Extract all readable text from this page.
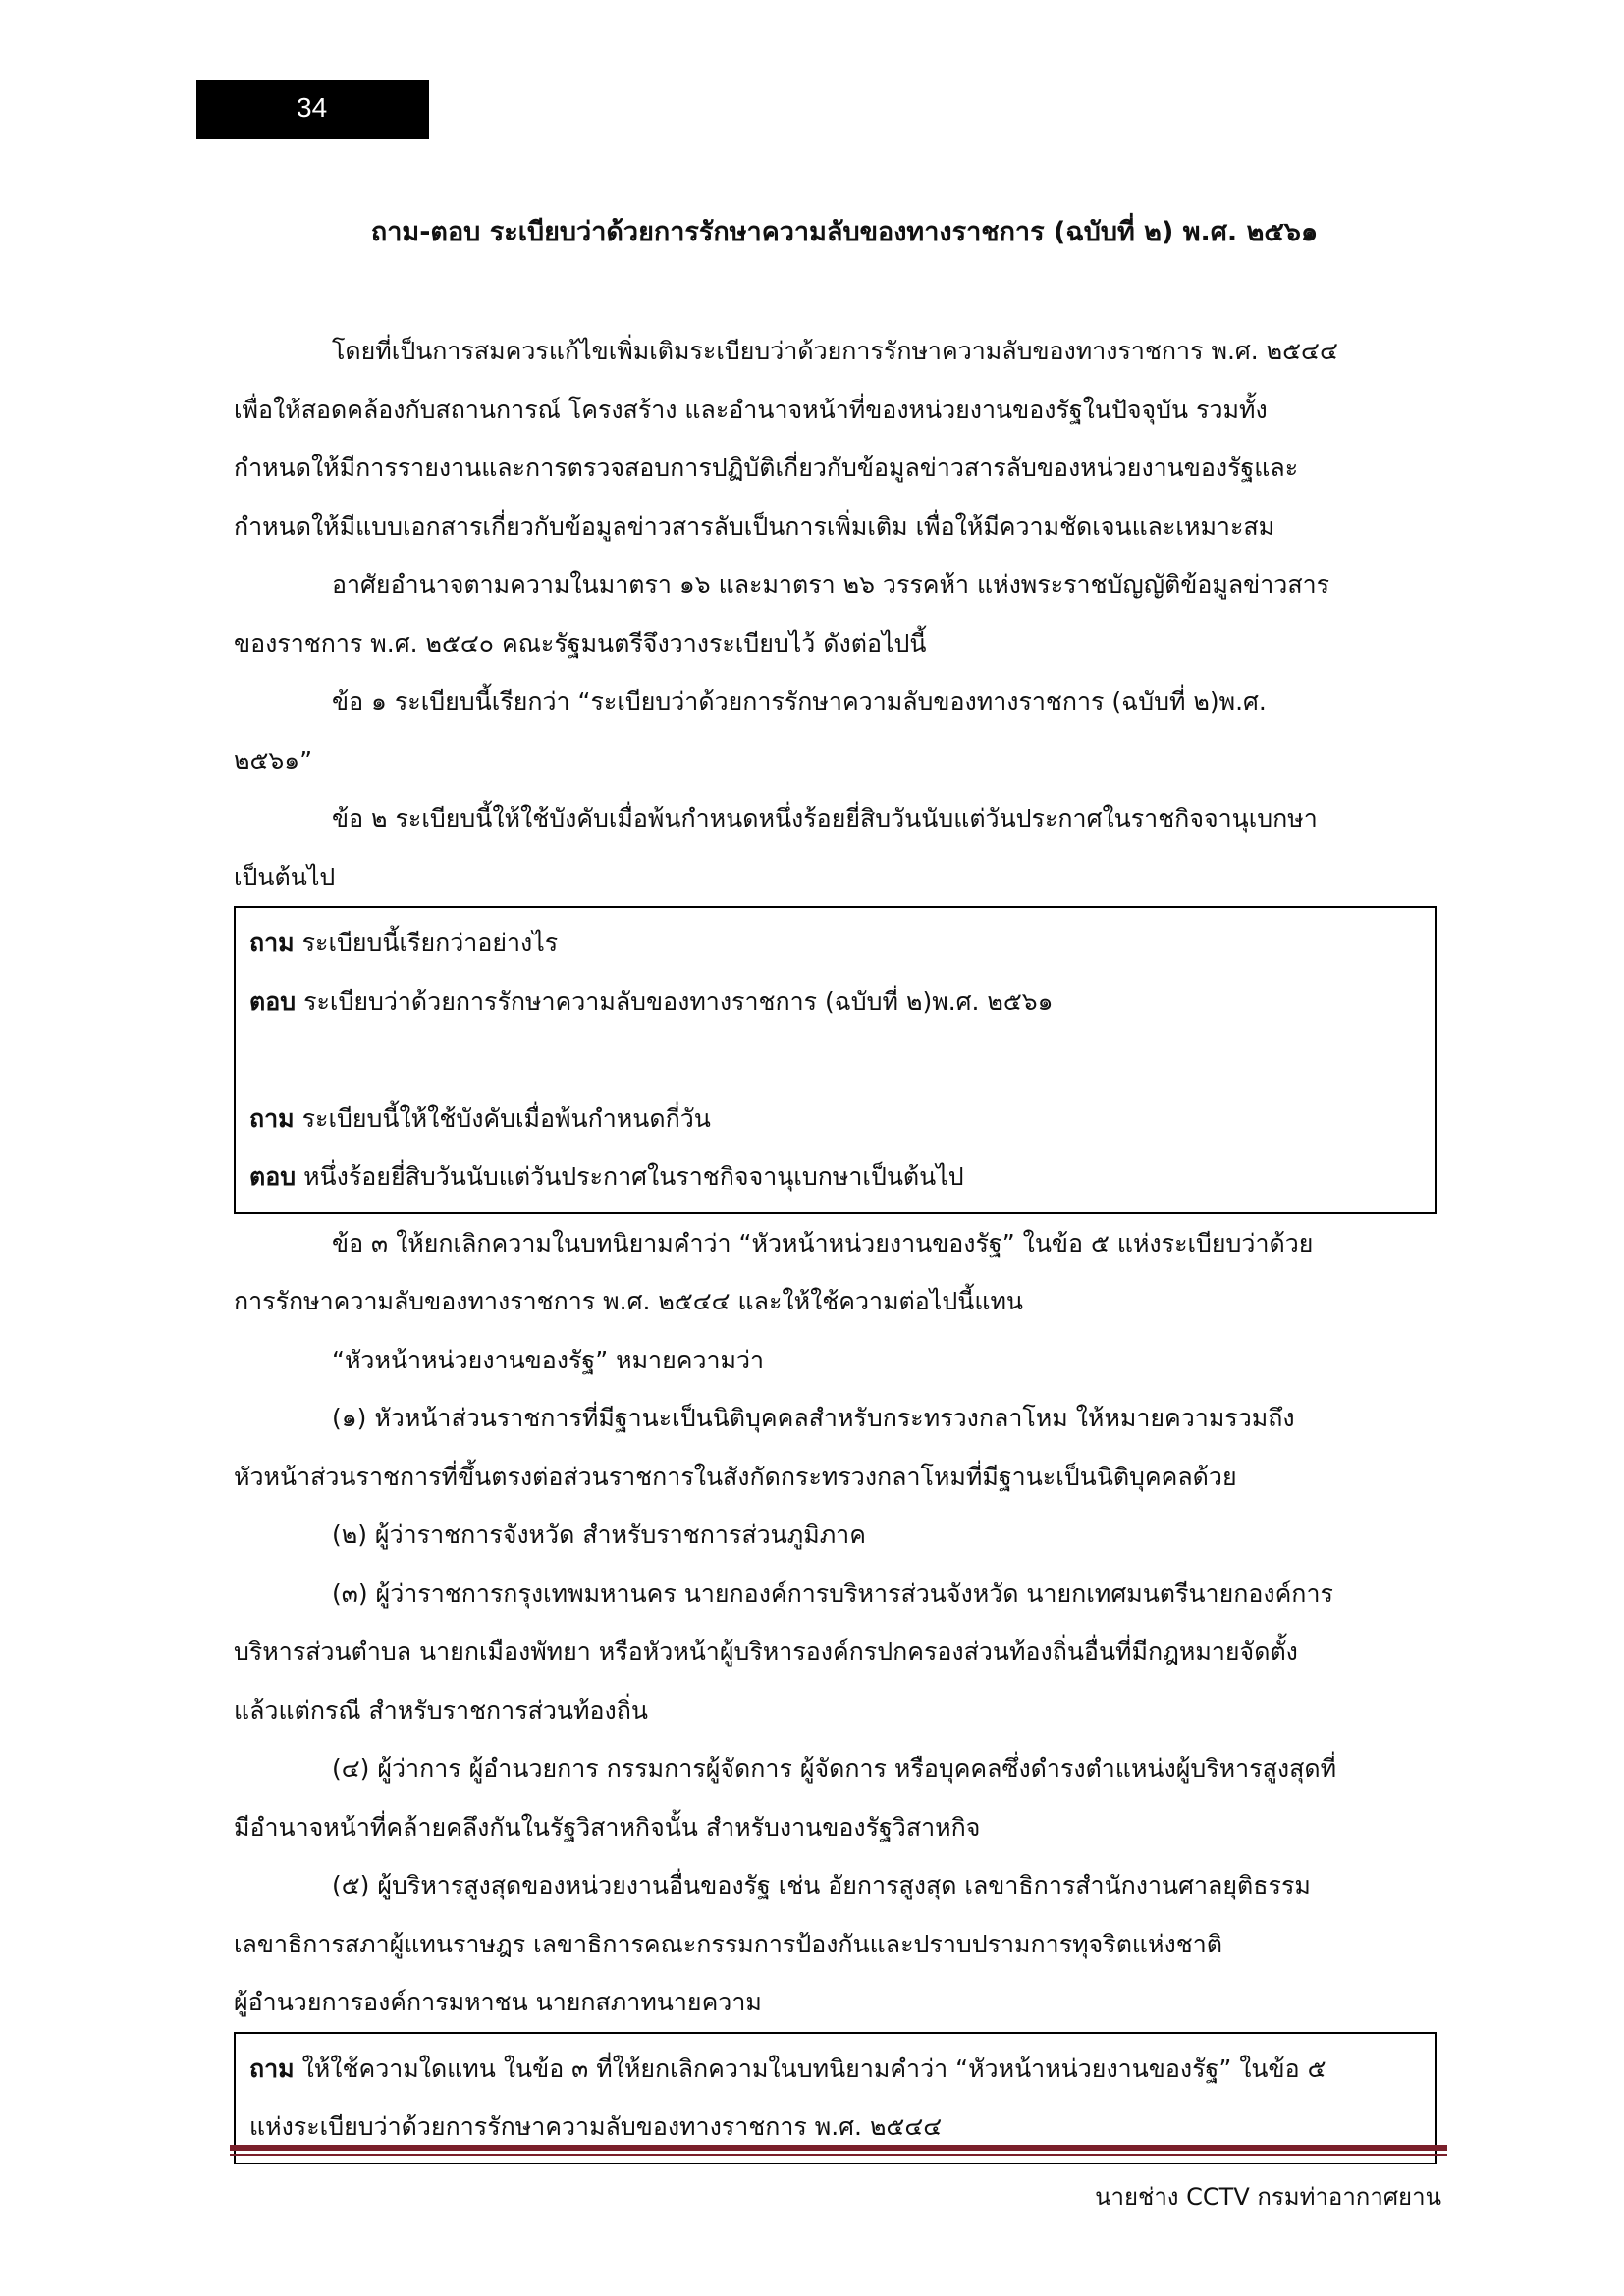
34
ถาม-ตอบ ระเบียบว่าด้วยการรักษาความลับของทางราชการ (ฉบับที่ ๒) พ.ศ. ๒๕๖๑

โดยที่เป็นการสมควรแก้ไขเพิ่มเติมระเบียบว่าด้วยการรักษาความลับของทางราชการ พ.ศ. ๒๕๔๔

เพื่อให้สอดคล้องกับสถานการณ์ โครงสร้าง และอำนาจหน้าที่ของหน่วยงานของรัฐในปัจจุบัน รวมทั้ง

กำหนดให้มีการรายงานและการตรวจสอบการปฏิบัติเกี่ยวกับข้อมูลข่าวสารลับของหน่วยงานของรัฐและ

กำหนดให้มีแบบเอกสารเกี่ยวกับข้อมูลข่าวสารลับเป็นการเพิ่มเติม เพื่อให้มีความชัดเจนและเหมาะสม

อาศัยอำนาจตามความในมาตรา ๑๖ และมาตรา ๒๖ วรรคห้า แห่งพระราชบัญญัติข้อมูลข่าวสาร

ของราชการ พ.ศ. ๒๕๔๐ คณะรัฐมนตรีจึงวางระเบียบไว้ ดังต่อไปนี้

ข้อ ๑ ระเบียบนี้เรียกว่า “ระเบียบว่าด้วยการรักษาความลับของทางราชการ (ฉบับที่ ๒)พ.ศ.

๒๕๖๑”

ข้อ ๒ ระเบียบนี้ให้ใช้บังคับเมื่อพ้นกำหนดหนึ่งร้อยยี่สิบวันนับแต่วันประกาศในราชกิจจานุเบกษา

เป็นต้นไป

ถาม ระเบียบนี้เรียกว่าอย่างไร

ตอบ ระเบียบว่าด้วยการรักษาความลับของทางราชการ (ฉบับที่ ๒)พ.ศ. ๒๕๖๑

ถาม ระเบียบนี้ให้ใช้บังคับเมื่อพ้นกำหนดกี่วัน

ตอบ หนึ่งร้อยยี่สิบวันนับแต่วันประกาศในราชกิจจานุเบกษาเป็นต้นไป

ข้อ ๓ ให้ยกเลิกความในบทนิยามคำว่า “หัวหน้าหน่วยงานของรัฐ” ในข้อ ๕ แห่งระเบียบว่าด้วย

การรักษาความลับของทางราชการ พ.ศ. ๒๕๔๔ และให้ใช้ความต่อไปนี้แทน

“หัวหน้าหน่วยงานของรัฐ” หมายความว่า

(๑) หัวหน้าส่วนราชการที่มีฐานะเป็นนิติบุคคลสำหรับกระทรวงกลาโหม ให้หมายความรวมถึง

หัวหน้าส่วนราชการที่ขึ้นตรงต่อส่วนราชการในสังกัดกระทรวงกลาโหมที่มีฐานะเป็นนิติบุคคลด้วย

(๒) ผู้ว่าราชการจังหวัด สำหรับราชการส่วนภูมิภาค

(๓) ผู้ว่าราชการกรุงเทพมหานคร นายกองค์การบริหารส่วนจังหวัด นายกเทศมนตรีนายกองค์การ

บริหารส่วนตำบล นายกเมืองพัทยา หรือหัวหน้าผู้บริหารองค์กรปกครองส่วนท้องถิ่นอื่นที่มีกฎหมายจัดตั้ง

แล้วแต่กรณี สำหรับราชการส่วนท้องถิ่น

(๔) ผู้ว่าการ ผู้อำนวยการ กรรมการผู้จัดการ ผู้จัดการ หรือบุคคลซึ่งดำรงตำแหน่งผู้บริหารสูงสุดที่

มีอำนาจหน้าที่คล้ายคลึงกันในรัฐวิสาหกิจนั้น สำหรับงานของรัฐวิสาหกิจ

(๕) ผู้บริหารสูงสุดของหน่วยงานอื่นของรัฐ เช่น อัยการสูงสุด เลขาธิการสำนักงานศาลยุติธรรม

เลขาธิการสภาผู้แทนราษฎร เลขาธิการคณะกรรมการป้องกันและปราบปรามการทุจริตแห่งชาติ

ผู้อำนวยการองค์การมหาชน นายกสภาทนายความ

ถาม ให้ใช้ความใดแทน ในข้อ ๓ ที่ให้ยกเลิกความในบทนิยามคำว่า “หัวหน้าหน่วยงานของรัฐ” ในข้อ ๕

แห่งระเบียบว่าด้วยการรักษาความลับของทางราชการ พ.ศ. ๒๕๔๔

นายช่าง CCTV กรมท่าอากาศยาน
